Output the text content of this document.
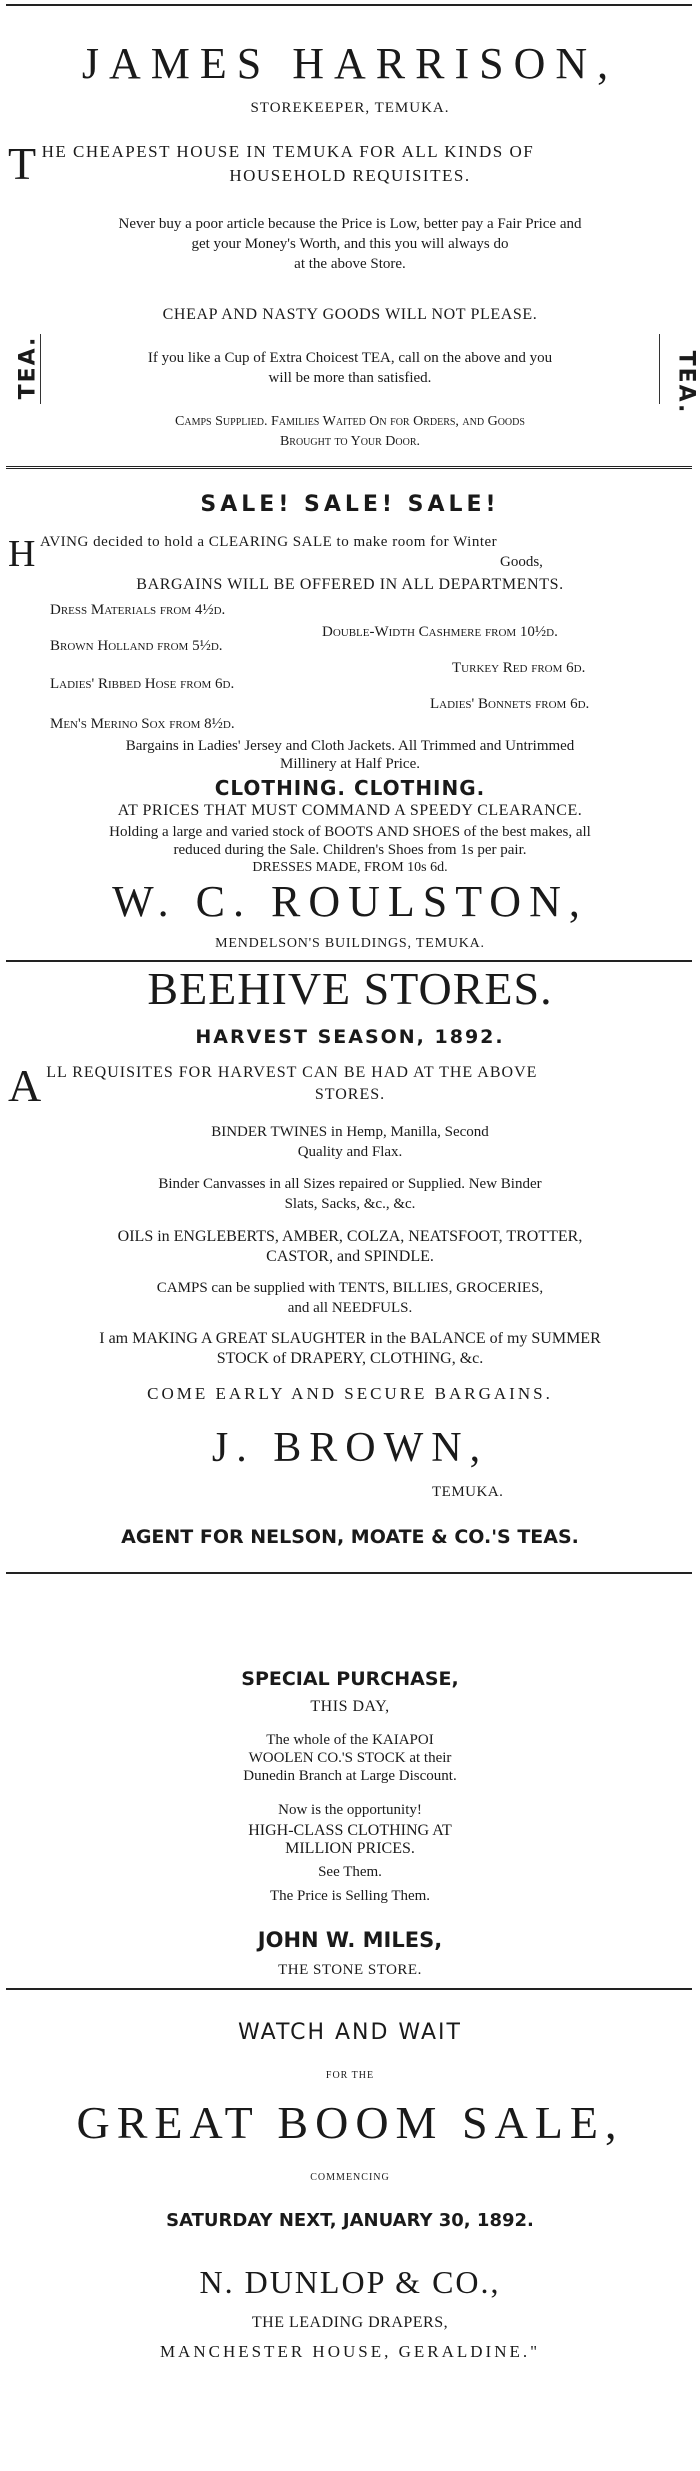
JAMES HARRISON,
STOREKEEPER, TEMUKA.
THE CHEAPEST HOUSE IN TEMUKA FOR ALL KINDS OF
HOUSEHOLD REQUISITES.
Never buy a poor article because the Price is Low, better pay a Fair Price and
get your Money's Worth, and this you will always do
at the above Store.
CHEAP AND NASTY GOODS WILL NOT PLEASE.
TEA.	TEA.
If you like a Cup of Extra Choicest TEA, call on the above and you
will be more than satisfied.
Camps Supplied. Families Waited On for Orders, and Goods
Brought to Your Door.
SALE! SALE! SALE!
HAVING decided to hold a CLEARING SALE to make room for Winter
Goods,
BARGAINS WILL BE OFFERED IN ALL DEPARTMENTS.
Dress Materials from 4½d.
Double-Width Cashmere from 10½d.
Brown Holland from 5½d.
Turkey Red from 6d.
Ladies' Ribbed Hose from 6d.
Ladies' Bonnets from 6d.
Men's Merino Sox from 8½d.
Bargains in Ladies' Jersey and Cloth Jackets. All Trimmed and Untrimmed
Millinery at Half Price.
CLOTHING. CLOTHING.
AT PRICES THAT MUST COMMAND A SPEEDY CLEARANCE.
Holding a large and varied stock of BOOTS AND SHOES of the best makes, all
reduced during the Sale. Children's Shoes from 1s per pair.
DRESSES MADE, FROM 10s 6d.
W. C. ROULSTON,
MENDELSON'S BUILDINGS, TEMUKA.
BEEHIVE STORES.
HARVEST SEASON, 1892.
ALL REQUISITES FOR HARVEST CAN BE HAD AT THE ABOVE
STORES.
BINDER TWINES in Hemp, Manilla, Second
Quality and Flax.
Binder Canvasses in all Sizes repaired or Supplied. New Binder
Slats, Sacks, &c., &c.
OILS in ENGLEBERTS, AMBER, COLZA, NEATSFOOT, TROTTER,
CASTOR, and SPINDLE.
CAMPS can be supplied with TENTS, BILLIES, GROCERIES,
and all NEEDFULS.
I am MAKING A GREAT SLAUGHTER in the BALANCE of my SUMMER
STOCK of DRAPERY, CLOTHING, &c.
COME EARLY AND SECURE BARGAINS.
J. BROWN,
TEMUKA.
AGENT FOR NELSON, MOATE & CO.'S TEAS.
SPECIAL PURCHASE,
THIS DAY,
The whole of the KAIAPOI
WOOLEN CO.'S STOCK at their
Dunedin Branch at Large Discount.
Now is the opportunity!
HIGH-CLASS CLOTHING AT
MILLION PRICES.
See Them.
The Price is Selling Them.
JOHN W. MILES,
THE STONE STORE.
WATCH AND WAIT
FOR THE
GREAT BOOM SALE,
COMMENCING
SATURDAY NEXT, JANUARY 30, 1892.
N. DUNLOP & CO.,
THE LEADING DRAPERS,
MANCHESTER HOUSE, GERALDINE."
